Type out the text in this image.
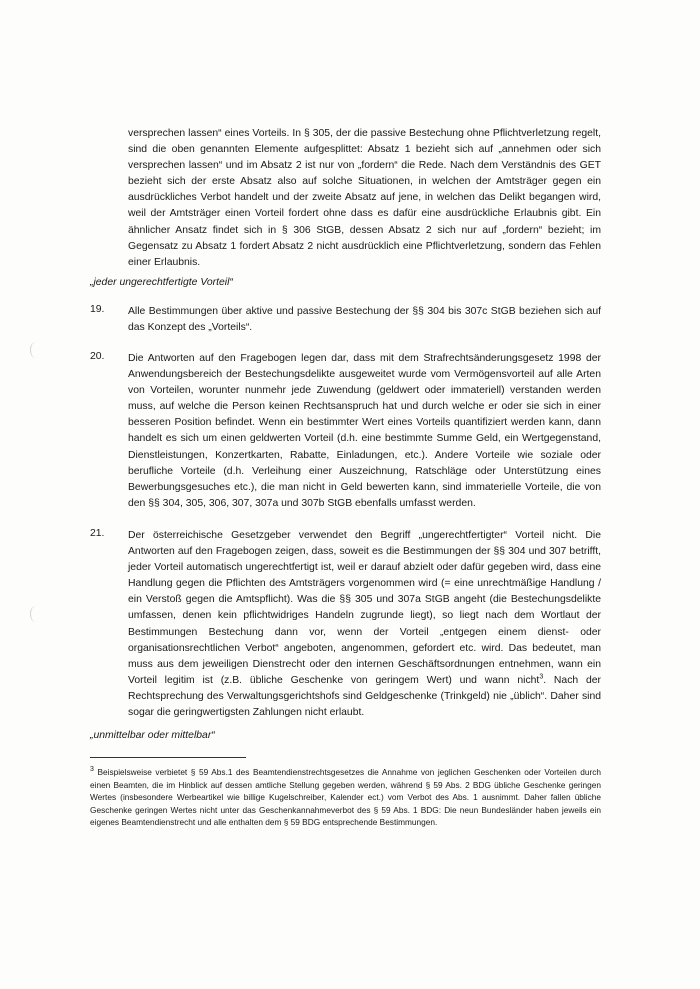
versprechen lassen“ eines Vorteils. In § 305, der die passive Bestechung ohne Pflichtverletzung regelt, sind die oben genannten Elemente aufgesplittet: Absatz 1 bezieht sich auf „annehmen oder sich versprechen lassen“ und im Absatz 2 ist nur von „fordern“ die Rede. Nach dem Verständnis des GET bezieht sich der erste Absatz also auf solche Situationen, in welchen der Amtsträger gegen ein ausdrückliches Verbot handelt und der zweite Absatz auf jene, in welchen das Delikt begangen wird, weil der Amtsträger einen Vorteil fordert ohne dass es dafür eine ausdrückliche Erlaubnis gibt. Ein ähnlicher Ansatz findet sich in § 306 StGB, dessen Absatz 2 sich nur auf „fordern“ bezieht; im Gegensatz zu Absatz 1 fordert Absatz 2 nicht ausdrücklich eine Pflichtverletzung, sondern das Fehlen einer Erlaubnis.

„jeder ungerechtfertigte Vorteil“

19. Alle Bestimmungen über aktive und passive Bestechung der §§ 304 bis 307c StGB beziehen sich auf das Konzept des „Vorteils“.

20. Die Antworten auf den Fragebogen legen dar, dass mit dem Strafrechtsänderungsgesetz 1998 der Anwendungsbereich der Bestechungsdelikte ausgeweitet wurde vom Vermögensvorteil auf alle Arten von Vorteilen, worunter nunmehr jede Zuwendung (geldwert oder immateriell) verstanden werden muss, auf welche die Person keinen Rechtsanspruch hat und durch welche er oder sie sich in einer besseren Position befindet. Wenn ein bestimmter Wert eines Vorteils quantifiziert werden kann, dann handelt es sich um einen geldwerten Vorteil (d.h. eine bestimmte Summe Geld, ein Wertgegenstand, Dienstleistungen, Konzertkarten, Rabatte, Einladungen, etc.). Andere Vorteile wie soziale oder berufliche Vorteile (d.h. Verleihung einer Auszeichnung, Ratschläge oder Unterstützung eines Bewerbungsgesuches etc.), die man nicht in Geld bewerten kann, sind immaterielle Vorteile, die von den §§ 304, 305, 306, 307, 307a und 307b StGB ebenfalls umfasst werden.

21. Der österreichische Gesetzgeber verwendet den Begriff „ungerechtfertigter“ Vorteil nicht. Die Antworten auf den Fragebogen zeigen, dass, soweit es die Bestimmungen der §§ 304 und 307 betrifft, jeder Vorteil automatisch ungerechtfertigt ist, weil er darauf abzielt oder dafür gegeben wird, dass eine Handlung gegen die Pflichten des Amtsträgers vorgenommen wird (= eine unrechtmäßige Handlung / ein Verstoß gegen die Amtspflicht). Was die §§ 305 und 307a StGB angeht (die Bestechungsdelikte umfassen, denen kein pflichtwidriges Handeln zugrunde liegt), so liegt nach dem Wortlaut der Bestimmungen Bestechung dann vor, wenn der Vorteil „entgegen einem dienst- oder organisationsrechtlichen Verbot“ angeboten, angenommen, gefordert etc. wird. Das bedeutet, man muss aus dem jeweiligen Dienstrecht oder den internen Geschäftsordnungen entnehmen, wann ein Vorteil legitim ist (z.B. übliche Geschenke von geringem Wert) und wann nicht$^3$. Nach der Rechtsprechung des Verwaltungsgerichtshofs sind Geldgeschenke (Trinkgeld) nie „üblich“. Daher sind sogar die geringwertigsten Zahlungen nicht erlaubt.

„unmittelbar oder mittelbar“

$^3$ Beispielsweise verbietet § 59 Abs.1 des Beamtendienstrechtsgesetzes die Annahme von jeglichen Geschenken oder Vorteilen durch einen Beamten, die im Hinblick auf dessen amtliche Stellung gegeben werden, während § 59 Abs. 2 BDG übliche Geschenke geringen Wertes (insbesondere Werbeartikel wie billige Kugelschreiber, Kalender ect.) vom Verbot des Abs. 1 ausnimmt. Daher fallen übliche Geschenke geringen Wertes nicht unter das Geschenkannahmeverbot des § 59 Abs. 1 BDG: Die neun Bundesländer haben jeweils ein eigenes Beamtendienstrecht und alle enthalten dem § 59 BDG entsprechende Bestimmungen.
